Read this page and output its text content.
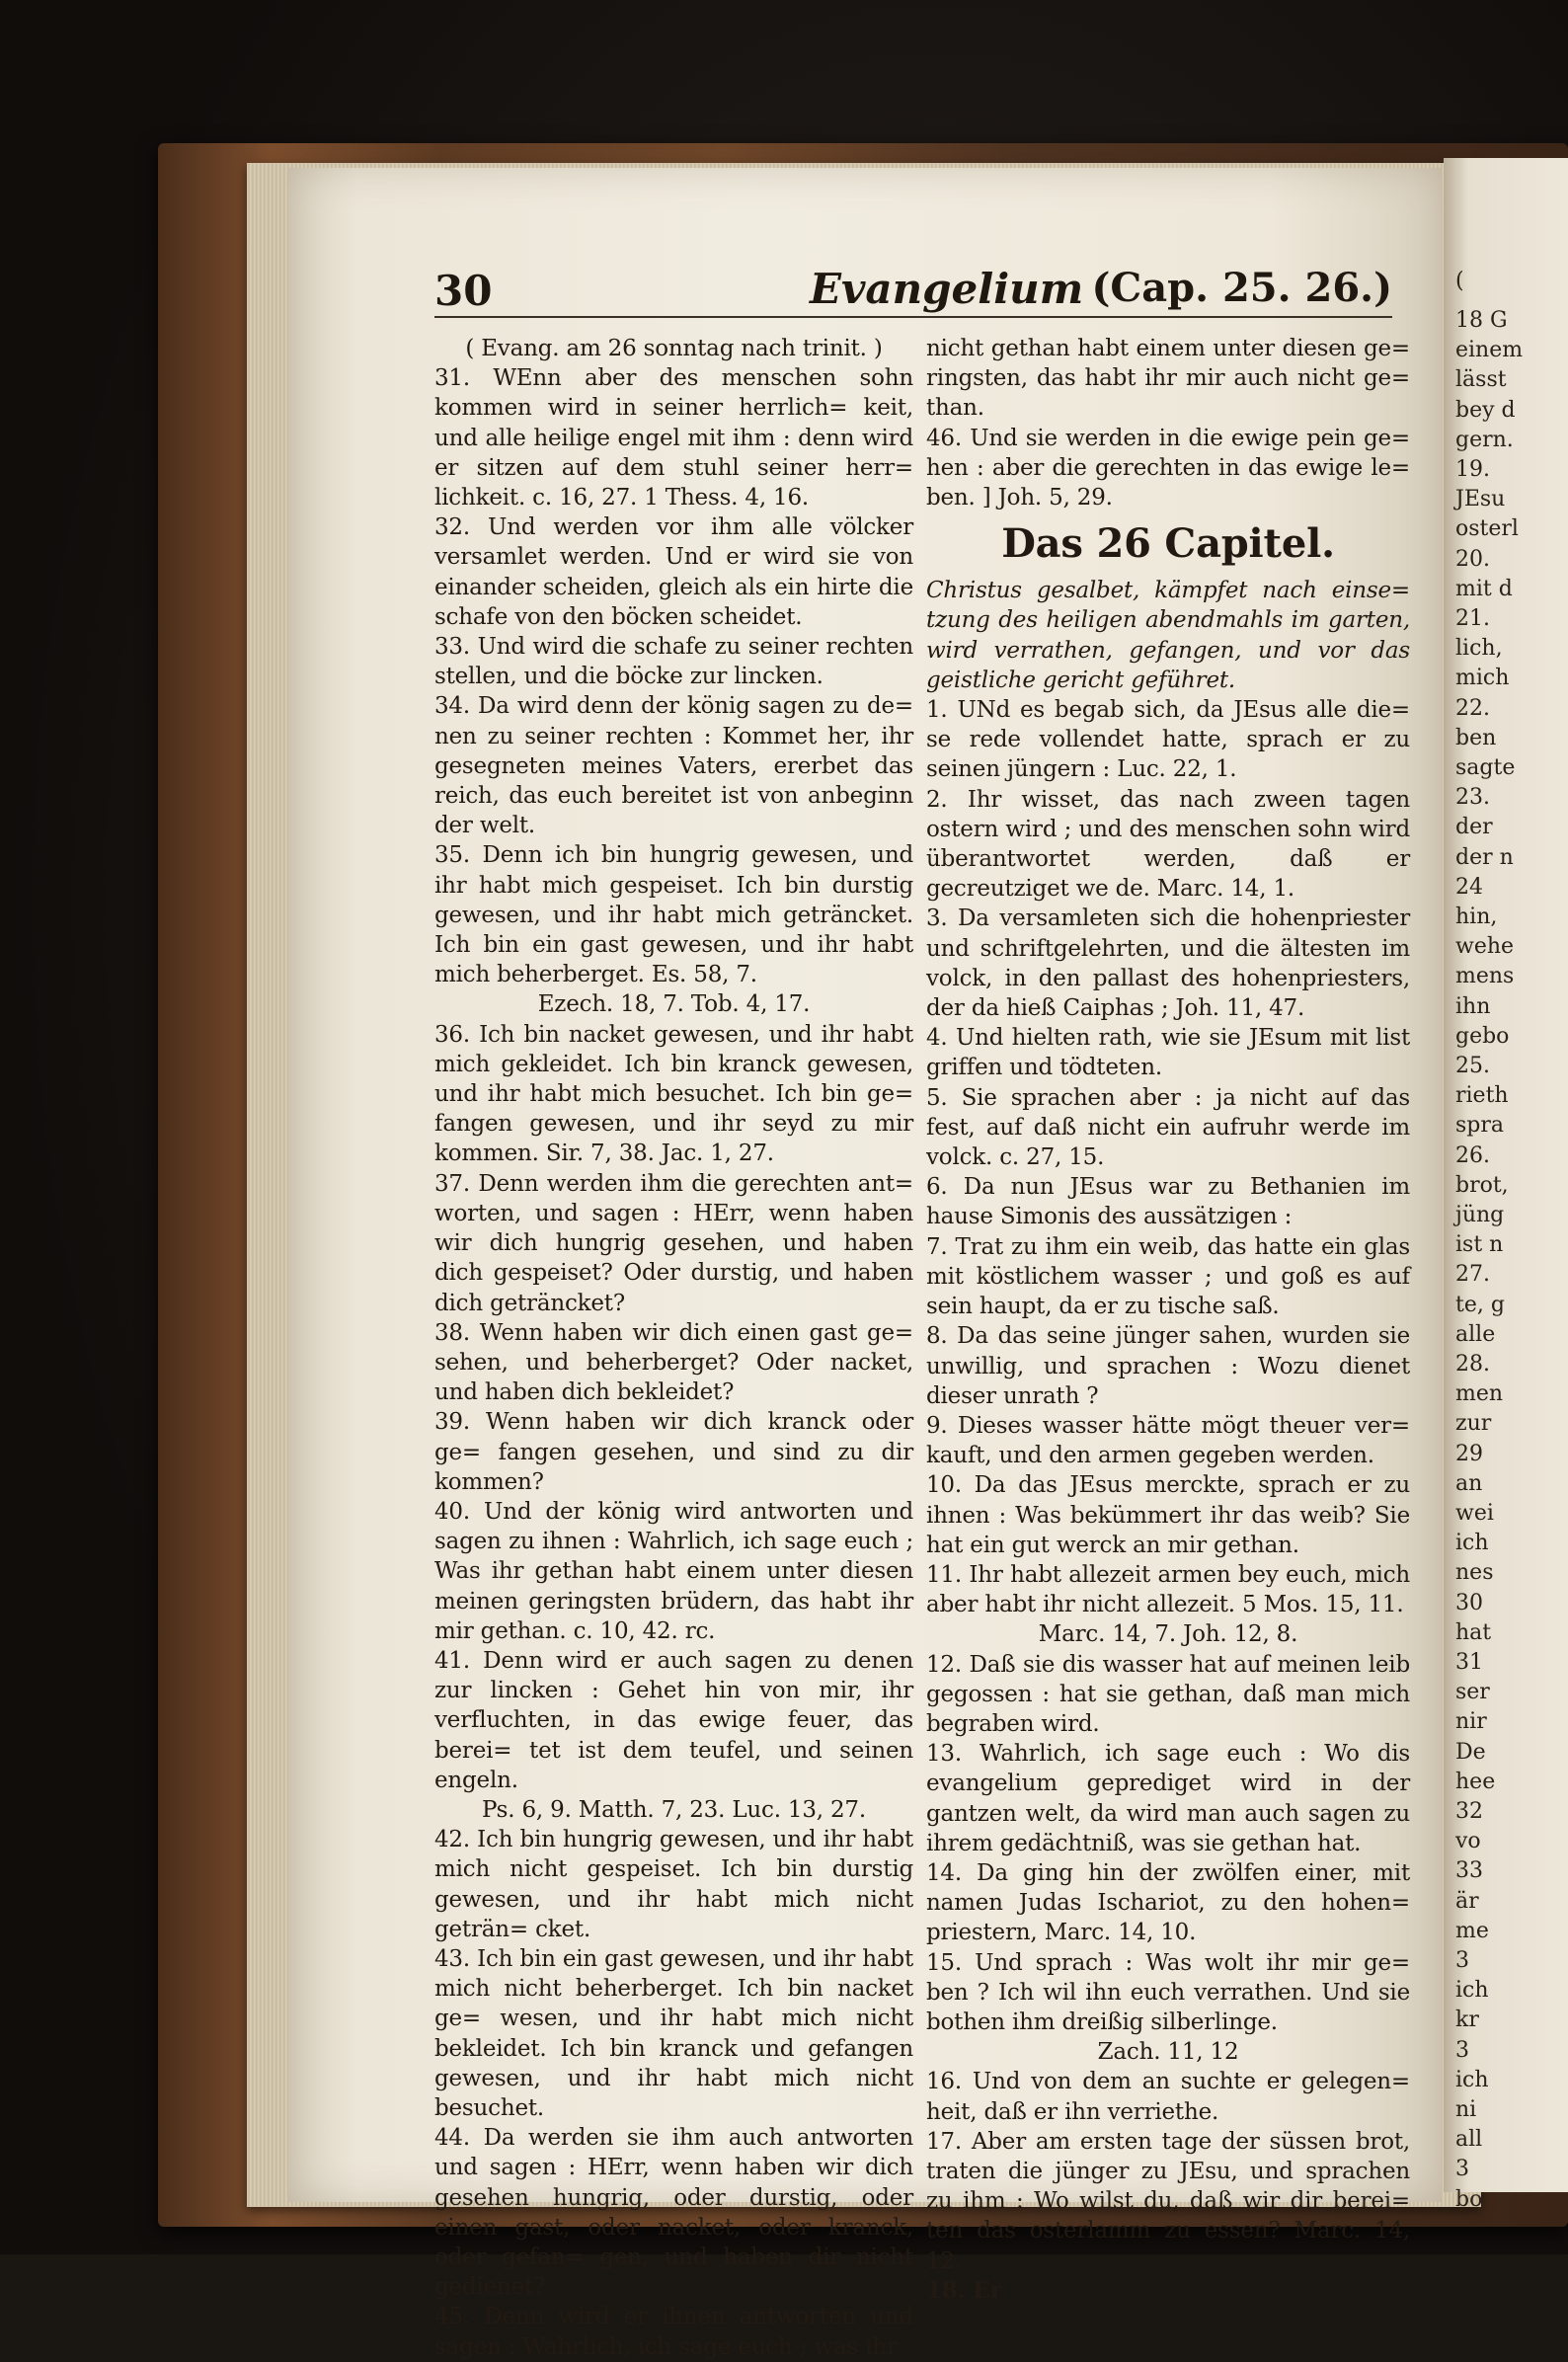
(
18 G
einem
lässt
bey d
gern.
19.
JEsu
osterl
20.
mit d
21.
lich,
mich
22.
ben
sagte
23.
der
der n
24
hin,
wehe
mens
ihn
gebo
25.
rieth
spra
26.
brot,
jüng
ist n
27.
te, g
alle
28.
men
zur
29
an
wei
ich
nes
30
hat
31
ser
nir
De
hee
32
vo
33
är
me
3
ich
kr
3
ich
ni
all
3
bo
30	Evangelium (Cap. 25. 26.)

( Evang. am 26 sonntag nach trinit. )

31. WEnn aber des menschen sohn kommen wird in seiner herrlich= keit, und alle heilige engel mit ihm : denn wird er sitzen auf dem stuhl seiner herr= lichkeit. c. 16, 27. 1 Thess. 4, 16.

32. Und werden vor ihm alle völcker versamlet werden. Und er wird sie von einander scheiden, gleich als ein hirte die schafe von den böcken scheidet.

33. Und wird die schafe zu seiner rechten stellen, und die böcke zur lincken.

34. Da wird denn der könig sagen zu de= nen zu seiner rechten : Kommet her, ihr gesegneten meines Vaters, ererbet das reich, das euch bereitet ist von anbeginn der welt.

35. Denn ich bin hungrig gewesen, und ihr habt mich gespeiset. Ich bin durstig gewesen, und ihr habt mich geträncket. Ich bin ein gast gewesen, und ihr habt mich beherberget. Es. 58, 7.

Ezech. 18, 7. Tob. 4, 17.

36. Ich bin nacket gewesen, und ihr habt mich gekleidet. Ich bin kranck gewesen, und ihr habt mich besuchet. Ich bin ge= fangen gewesen, und ihr seyd zu mir kommen. Sir. 7, 38. Jac. 1, 27.

37. Denn werden ihm die gerechten ant= worten, und sagen : HErr, wenn haben wir dich hungrig gesehen, und haben dich gespeiset? Oder durstig, und haben dich geträncket?

38. Wenn haben wir dich einen gast ge= sehen, und beherberget? Oder nacket, und haben dich bekleidet?

39. Wenn haben wir dich kranck oder ge= fangen gesehen, und sind zu dir kommen?

40. Und der könig wird antworten und sagen zu ihnen : Wahrlich, ich sage euch ; Was ihr gethan habt einem unter diesen meinen geringsten brüdern, das habt ihr mir gethan. c. 10, 42. rc.

41. Denn wird er auch sagen zu denen zur lincken : Gehet hin von mir, ihr verfluchten, in das ewige feuer, das berei= tet ist dem teufel, und seinen engeln.

Ps. 6, 9. Matth. 7, 23. Luc. 13, 27.

42. Ich bin hungrig gewesen, und ihr habt mich nicht gespeiset. Ich bin durstig gewesen, und ihr habt mich nicht geträn= cket.

43. Ich bin ein gast gewesen, und ihr habt mich nicht beherberget. Ich bin nacket ge= wesen, und ihr habt mich nicht bekleidet. Ich bin kranck und gefangen gewesen, und ihr habt mich nicht besuchet.

44. Da werden sie ihm auch antworten und sagen : HErr, wenn haben wir dich gesehen hungrig, oder durstig, oder einen gast, oder nacket, oder kranck, oder gefan= gen, und haben dir nicht gedienet?

45. Denn wird er ihnen antworten und sagen : Wahrlich, ich sage euch ; was ihr

nicht gethan habt einem unter diesen ge= ringsten, das habt ihr mir auch nicht ge= than.

46. Und sie werden in die ewige pein ge= hen : aber die gerechten in das ewige le= ben. ] Joh. 5, 29.

Das 26 Capitel.

Christus gesalbet, kämpfet nach einse= tzung des heiligen abendmahls im garten, wird verrathen, gefangen, und vor das geistliche gericht geführet.

1. UNd es begab sich, da JEsus alle die= se rede vollendet hatte, sprach er zu seinen jüngern : Luc. 22, 1.

2. Ihr wisset, das nach zween tagen ostern wird ; und des menschen sohn wird überantwortet werden, daß er gecreutziget we de. Marc. 14, 1.

3. Da versamleten sich die hohenpriester und schriftgelehrten, und die ältesten im volck, in den pallast des hohenpriesters, der da hieß Caiphas ; Joh. 11, 47.

4. Und hielten rath, wie sie JEsum mit list griffen und tödteten.

5. Sie sprachen aber : ja nicht auf das fest, auf daß nicht ein aufruhr werde im volck. c. 27, 15.

6. Da nun JEsus war zu Bethanien im hause Simonis des aussätzigen :

7. Trat zu ihm ein weib, das hatte ein glas mit köstlichem wasser ; und goß es auf sein haupt, da er zu tische saß.

8. Da das seine jünger sahen, wurden sie unwillig, und sprachen : Wozu dienet dieser unrath ?

9. Dieses wasser hätte mögt theuer ver= kauft, und den armen gegeben werden.

10. Da das JEsus merckte, sprach er zu ihnen : Was bekümmert ihr das weib? Sie hat ein gut werck an mir gethan.

11. Ihr habt allezeit armen bey euch, mich aber habt ihr nicht allezeit. 5 Mos. 15, 11.

Marc. 14, 7. Joh. 12, 8.

12. Daß sie dis wasser hat auf meinen leib gegossen : hat sie gethan, daß man mich begraben wird.

13. Wahrlich, ich sage euch : Wo dis evangelium geprediget wird in der gantzen welt, da wird man auch sagen zu ihrem gedächtniß, was sie gethan hat.

14. Da ging hin der zwölfen einer, mit namen Judas Ischariot, zu den hohen= priestern, Marc. 14, 10.

15. Und sprach : Was wolt ihr mir ge= ben ? Ich wil ihn euch verrathen. Und sie bothen ihm dreißig silberlinge.

Zach. 11, 12

16. Und von dem an suchte er gelegen= heit, daß er ihn verriethe.

17. Aber am ersten tage der süssen brot, traten die jünger zu JEsu, und sprachen zu ihm : Wo wilst du, daß wir dir berei= ten das osterlamm zu essen? Marc. 14, 12.

18. Er
